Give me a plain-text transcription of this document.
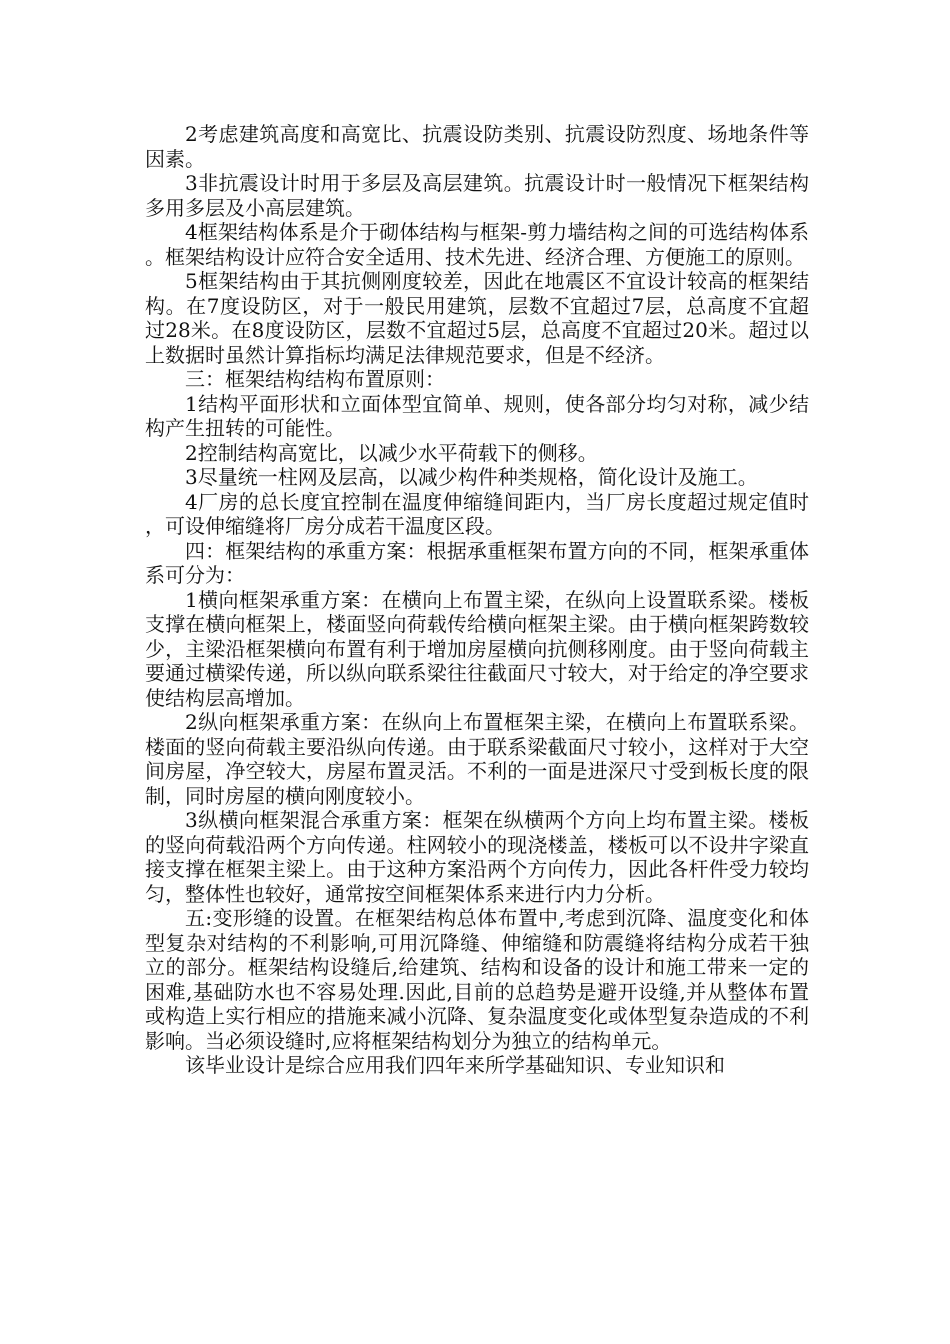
2考虑建筑高度和高宽比、抗震设防类别、抗震设防烈度、场地条件等因素。

3非抗震设计时用于多层及高层建筑。抗震设计时一般情况下框架结构多用多层及小高层建筑。

4框架结构体系是介于砌体结构与框架-剪力墙结构之间的可选结构体系。框架结构设计应符合安全适用、技术先进、经济合理、方便施工的原则。

5框架结构由于其抗侧刚度较差，因此在地震区不宜设计较高的框架结构。在7度设防区，对于一般民用建筑，层数不宜超过7层，总高度不宜超过28米。在8度设防区，层数不宜超过5层，总高度不宜超过20米。超过以上数据时虽然计算指标均满足法律规范要求，但是不经济。

三：框架结构结构布置原则：

1结构平面形状和立面体型宜简单、规则，使各部分均匀对称，减少结构产生扭转的可能性。

2控制结构高宽比，以减少水平荷载下的侧移。

3尽量统一柱网及层高，以减少构件种类规格，简化设计及施工。

4厂房的总长度宜控制在温度伸缩缝间距内，当厂房长度超过规定值时，可设伸缩缝将厂房分成若干温度区段。

四：框架结构的承重方案：根据承重框架布置方向的不同，框架承重体系可分为：

1横向框架承重方案：在横向上布置主梁，在纵向上设置联系梁。楼板支撑在横向框架上，楼面竖向荷载传给横向框架主梁。由于横向框架跨数较少，主梁沿框架横向布置有利于增加房屋横向抗侧移刚度。由于竖向荷载主要通过横梁传递，所以纵向联系梁往往截面尺寸较大，对于给定的净空要求使结构层高增加。

2纵向框架承重方案：在纵向上布置框架主梁，在横向上布置联系梁。楼面的竖向荷载主要沿纵向传递。由于联系梁截面尺寸较小，这样对于大空间房屋，净空较大，房屋布置灵活。不利的一面是进深尺寸受到板长度的限制，同时房屋的横向刚度较小。

3纵横向框架混合承重方案：框架在纵横两个方向上均布置主梁。楼板的竖向荷载沿两个方向传递。柱网较小的现浇楼盖，楼板可以不设井字梁直接支撑在框架主梁上。由于这种方案沿两个方向传力，因此各杆件受力较均匀，整体性也较好，通常按空间框架体系来进行内力分析。

五:变形缝的设置。在框架结构总体布置中,考虑到沉降、温度变化和体型复杂对结构的不利影响,可用沉降缝、伸缩缝和防震缝将结构分成若干独立的部分。框架结构设缝后,给建筑、结构和设备的设计和施工带来一定的困难,基础防水也不容易处理.因此,目前的总趋势是避开设缝,并从整体布置或构造上实行相应的措施来减小沉降、复杂温度变化或体型复杂造成的不利影响。当必须设缝时,应将框架结构划分为独立的结构单元。

该毕业设计是综合应用我们四年来所学基础知识、专业知识和
